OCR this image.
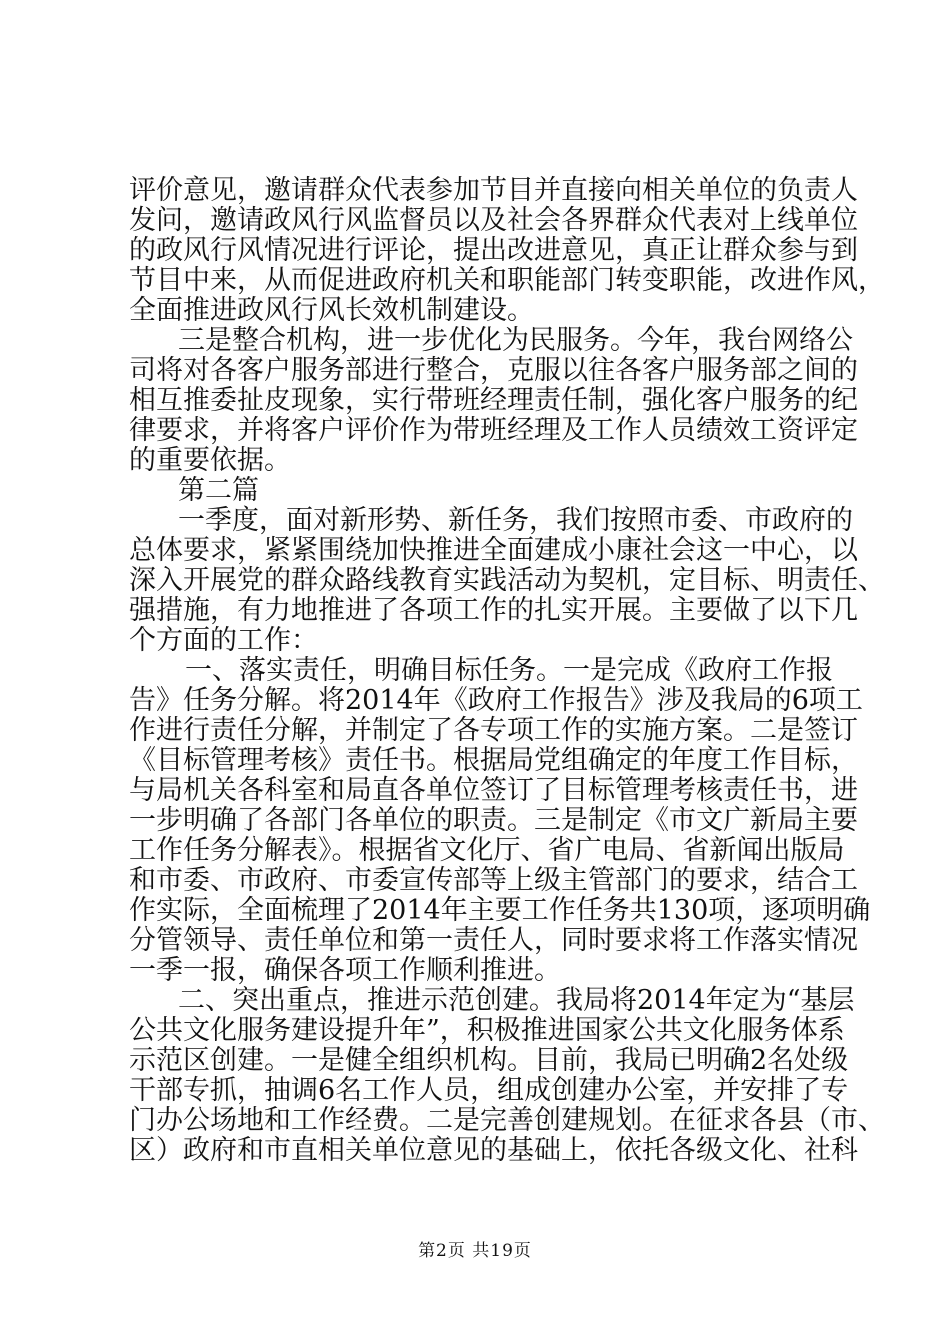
评价意见，邀请群众代表参加节目并直接向相关单位的负责人
发问，邀请政风行风监督员以及社会各界群众代表对上线单位
的政风行风情况进行评论，提出改进意见，真正让群众参与到
节目中来，从而促进政府机关和职能部门转变职能，改进作风，
全面推进政风行风长效机制建设。
三是整合机构，进一步优化为民服务。今年，我台网络公
司将对各客户服务部进行整合，克服以往各客户服务部之间的
相互推委扯皮现象，实行带班经理责任制，强化客户服务的纪
律要求，并将客户评价作为带班经理及工作人员绩效工资评定
的重要依据。
第二篇
一季度，面对新形势、新任务，我们按照市委、市政府的
总体要求，紧紧围绕加快推进全面建成小康社会这一中心，以
深入开展党的群众路线教育实践活动为契机，定目标、明责任、
强措施，有力地推进了各项工作的扎实开展。主要做了以下几
个方面的工作：
一、落实责任，明确目标任务。一是完成《政府工作报
告》任务分解。将2014年《政府工作报告》涉及我局的6项工
作进行责任分解，并制定了各专项工作的实施方案。二是签订
《目标管理考核》责任书。根据局党组确定的年度工作目标，
与局机关各科室和局直各单位签订了目标管理考核责任书，进
一步明确了各部门各单位的职责。三是制定《市文广新局主要
工作任务分解表》。根据省文化厅、省广电局、省新闻出版局
和市委、市政府、市委宣传部等上级主管部门的要求，结合工
作实际，全面梳理了2014年主要工作任务共130项，逐项明确
分管领导、责任单位和第一责任人，同时要求将工作落实情况
一季一报，确保各项工作顺利推进。
二、突出重点，推进示范创建。我局将2014年定为“基层
公共文化服务建设提升年”，积极推进国家公共文化服务体系
示范区创建。一是健全组织机构。目前，我局已明确2名处级
干部专抓，抽调6名工作人员，组成创建办公室，并安排了专
门办公场地和工作经费。二是完善创建规划。在征求各县（市、
区）政府和市直相关单位意见的基础上，依托各级文化、社科
第2页 共19页
